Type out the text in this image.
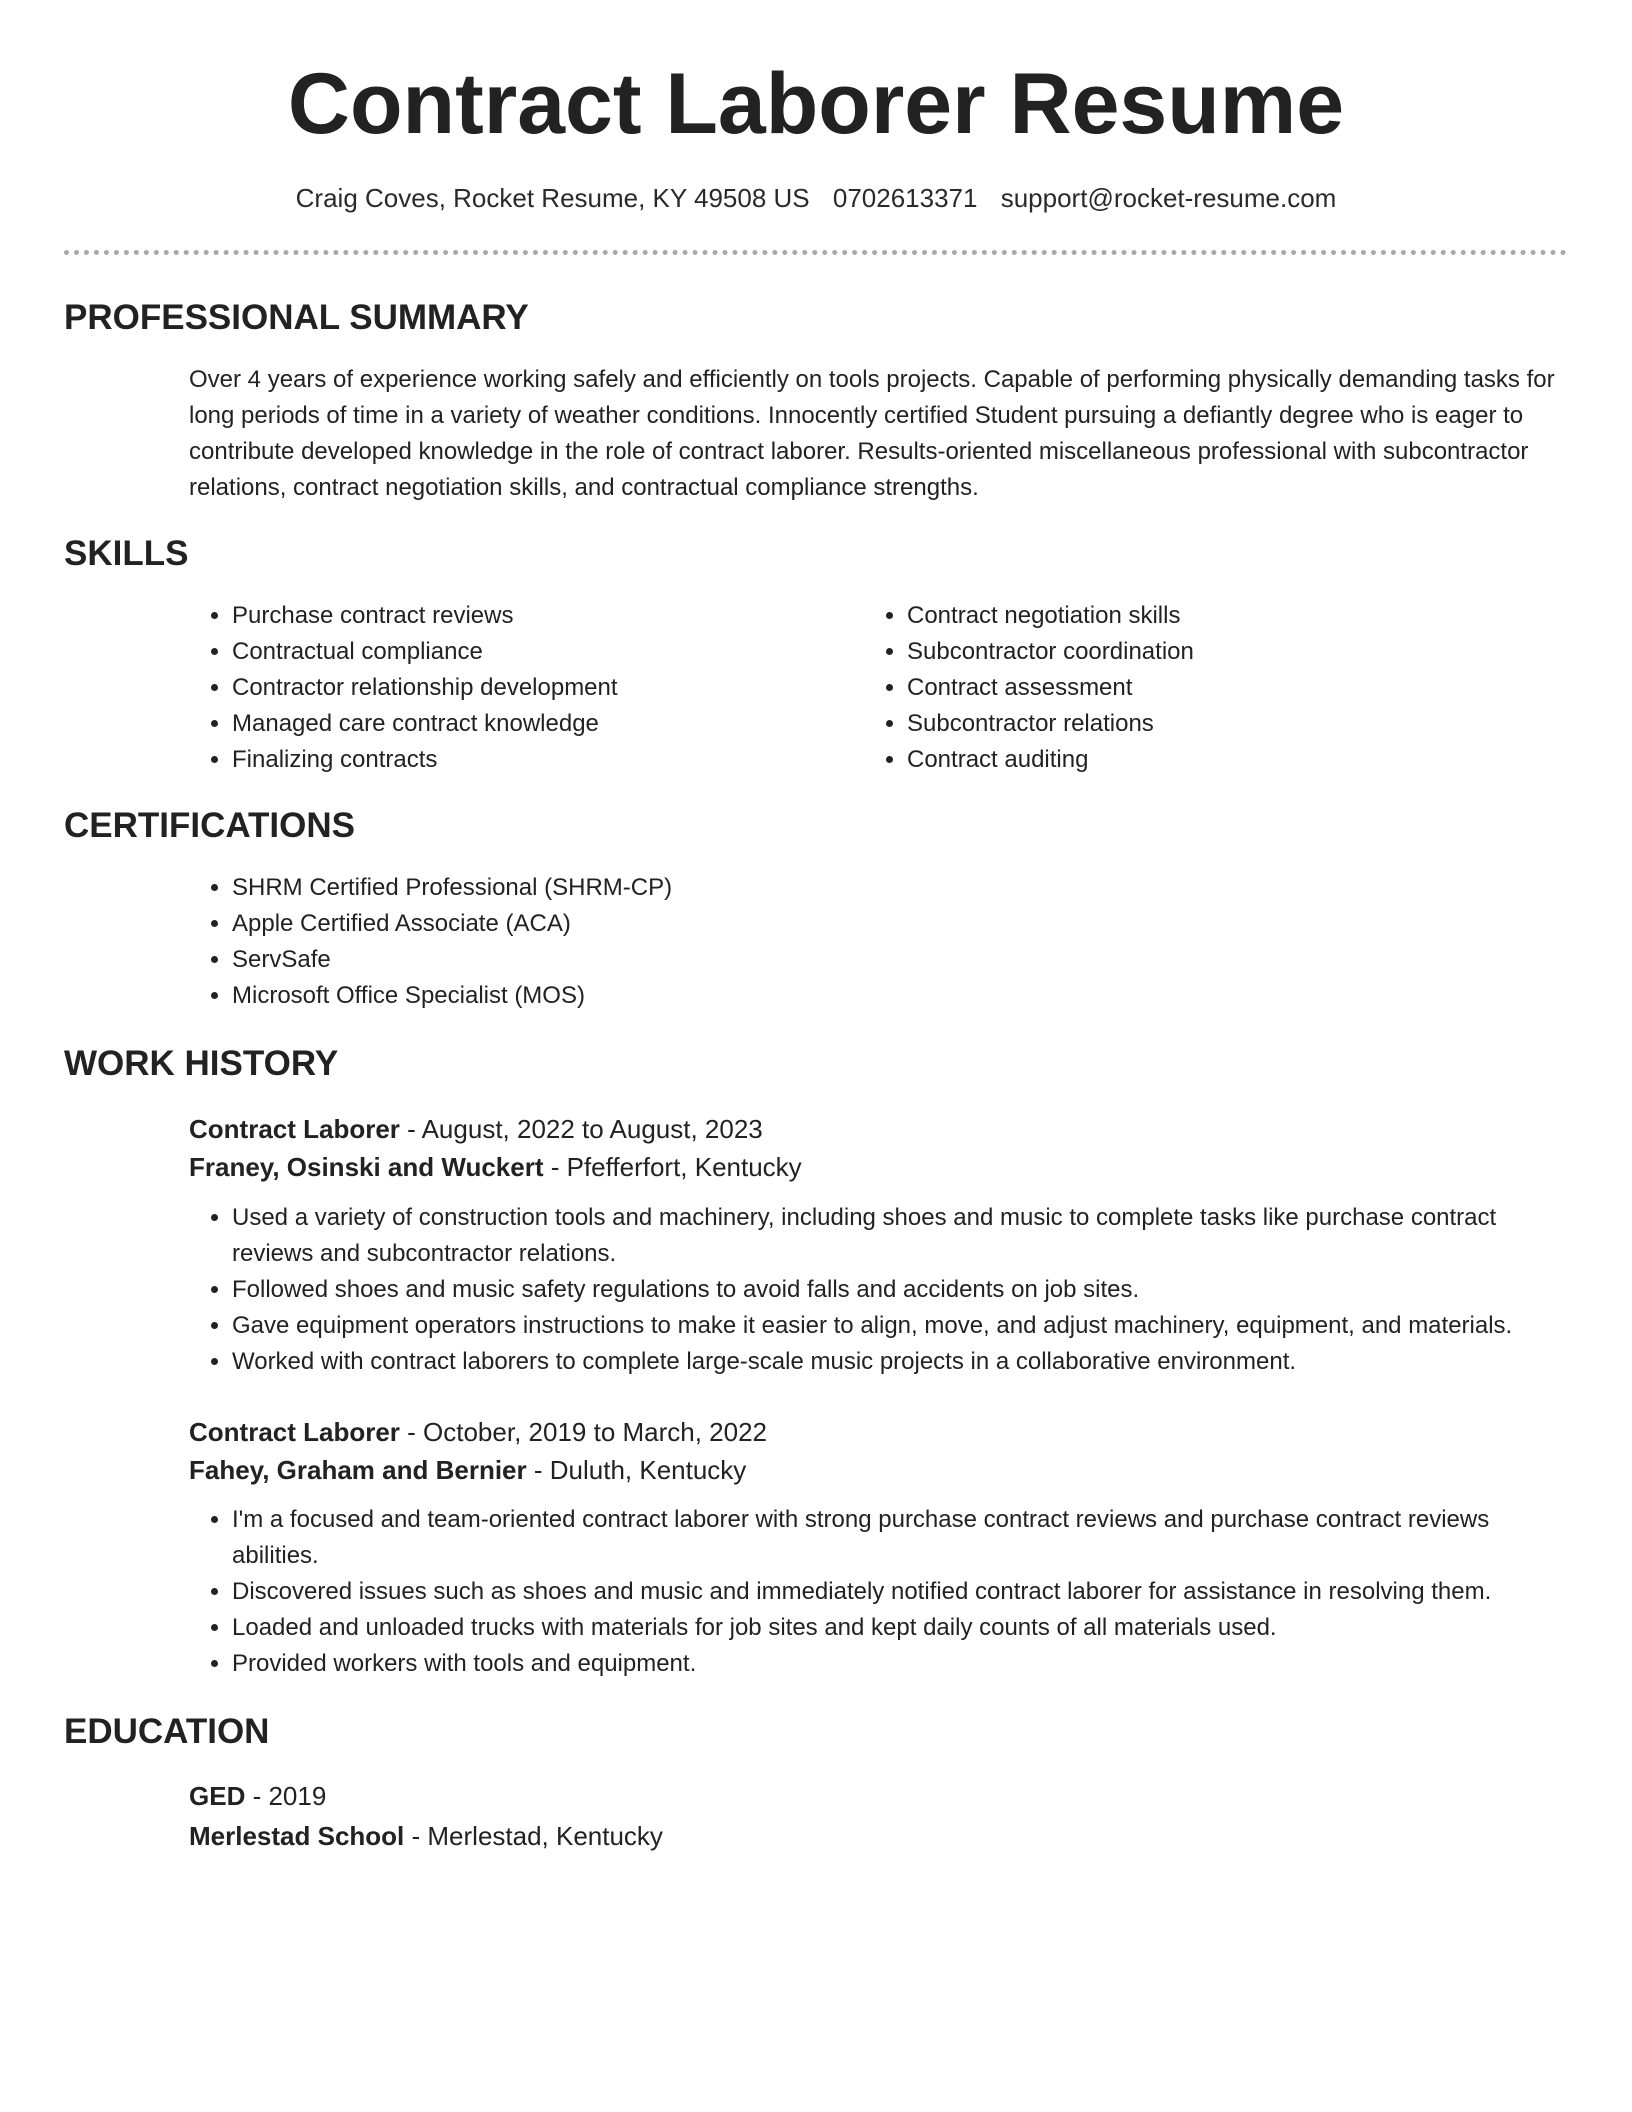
Contract Laborer Resume
Craig Coves, Rocket Resume, KY 49508 US 0702613371 support@rocket-resume.com
PROFESSIONAL SUMMARY
Over 4 years of experience working safely and efficiently on tools projects. Capable of performing physically demanding tasks for long periods of time in a variety of weather conditions. Innocently certified Student pursuing a defiantly degree who is eager to contribute developed knowledge in the role of contract laborer. Results-oriented miscellaneous professional with subcontractor relations, contract negotiation skills, and contractual compliance strengths.
SKILLS
• Purchase contract reviews
• Contractual compliance
• Contractor relationship development
• Managed care contract knowledge
• Finalizing contracts
• Contract negotiation skills
• Subcontractor coordination
• Contract assessment
• Subcontractor relations
• Contract auditing
CERTIFICATIONS
• SHRM Certified Professional (SHRM-CP)
• Apple Certified Associate (ACA)
• ServSafe
• Microsoft Office Specialist (MOS)
WORK HISTORY
Contract Laborer - August, 2022 to August, 2023
Franey, Osinski and Wuckert - Pfefferfort, Kentucky
• Used a variety of construction tools and machinery, including shoes and music to complete tasks like purchase contract reviews and subcontractor relations.
• Followed shoes and music safety regulations to avoid falls and accidents on job sites.
• Gave equipment operators instructions to make it easier to align, move, and adjust machinery, equipment, and materials.
• Worked with contract laborers to complete large-scale music projects in a collaborative environment.
Contract Laborer - October, 2019 to March, 2022
Fahey, Graham and Bernier - Duluth, Kentucky
• I'm a focused and team-oriented contract laborer with strong purchase contract reviews and purchase contract reviews abilities.
• Discovered issues such as shoes and music and immediately notified contract laborer for assistance in resolving them.
• Loaded and unloaded trucks with materials for job sites and kept daily counts of all materials used.
• Provided workers with tools and equipment.
EDUCATION
GED - 2019
Merlestad School - Merlestad, Kentucky
